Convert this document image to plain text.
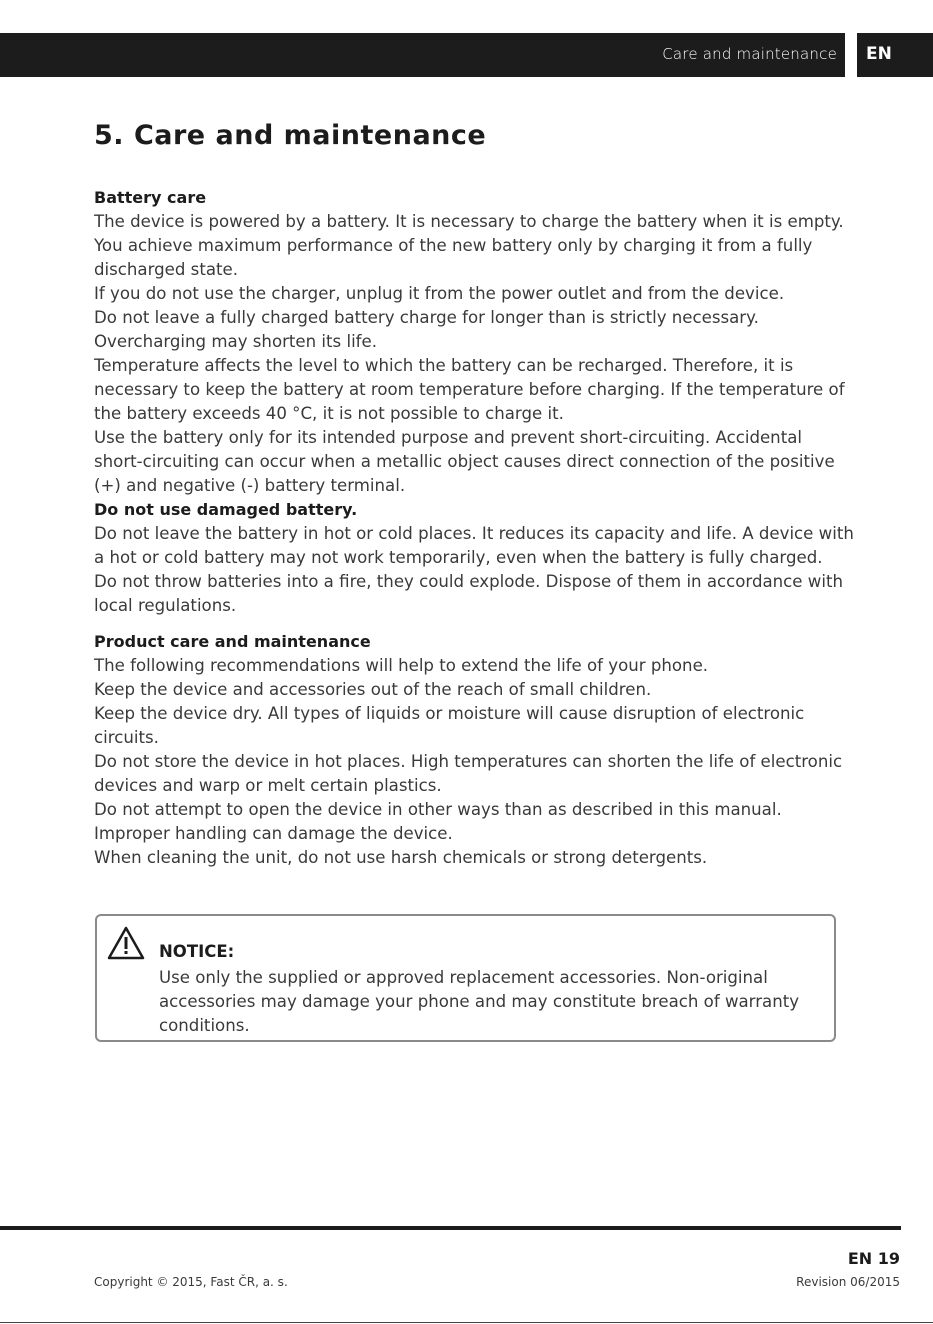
Care and maintenance EN
5. Care and maintenance
Battery care

The device is powered by a battery. It is necessary to charge the battery when it is empty. You achieve maximum performance of the new battery only by charging it from a fully discharged state.

If you do not use the charger, unplug it from the power outlet and from the device.

Do not leave a fully charged battery charge for longer than is strictly necessary. Overcharging may shorten its life.

Temperature affects the level to which the battery can be recharged. Therefore, it is necessary to keep the battery at room temperature before charging. If the temperature of the battery exceeds 40 °C, it is not possible to charge it.

Use the battery only for its intended purpose and prevent short-circuiting. Accidental short-circuiting can occur when a metallic object causes direct connection of the positive (+) and negative (-) battery terminal.

Do not use damaged battery.

Do not leave the battery in hot or cold places. It reduces its capacity and life. A device with a hot or cold battery may not work temporarily, even when the battery is fully charged.

Do not throw batteries into a fire, they could explode. Dispose of them in accordance with local regulations.

Product care and maintenance

The following recommendations will help to extend the life of your phone.

Keep the device and accessories out of the reach of small children.

Keep the device dry. All types of liquids or moisture will cause disruption of electronic circuits.

Do not store the device in hot places. High temperatures can shorten the life of electronic devices and warp or melt certain plastics.

Do not attempt to open the device in other ways than as described in this manual. Improper handling can damage the device.

When cleaning the unit, do not use harsh chemicals or strong detergents.

NOTICE:
Use only the supplied or approved replacement accessories. Non-original accessories may damage your phone and may constitute breach of warranty conditions.
EN 19
Copyright © 2015, Fast ČR, a. s.	Revision 06/2015
